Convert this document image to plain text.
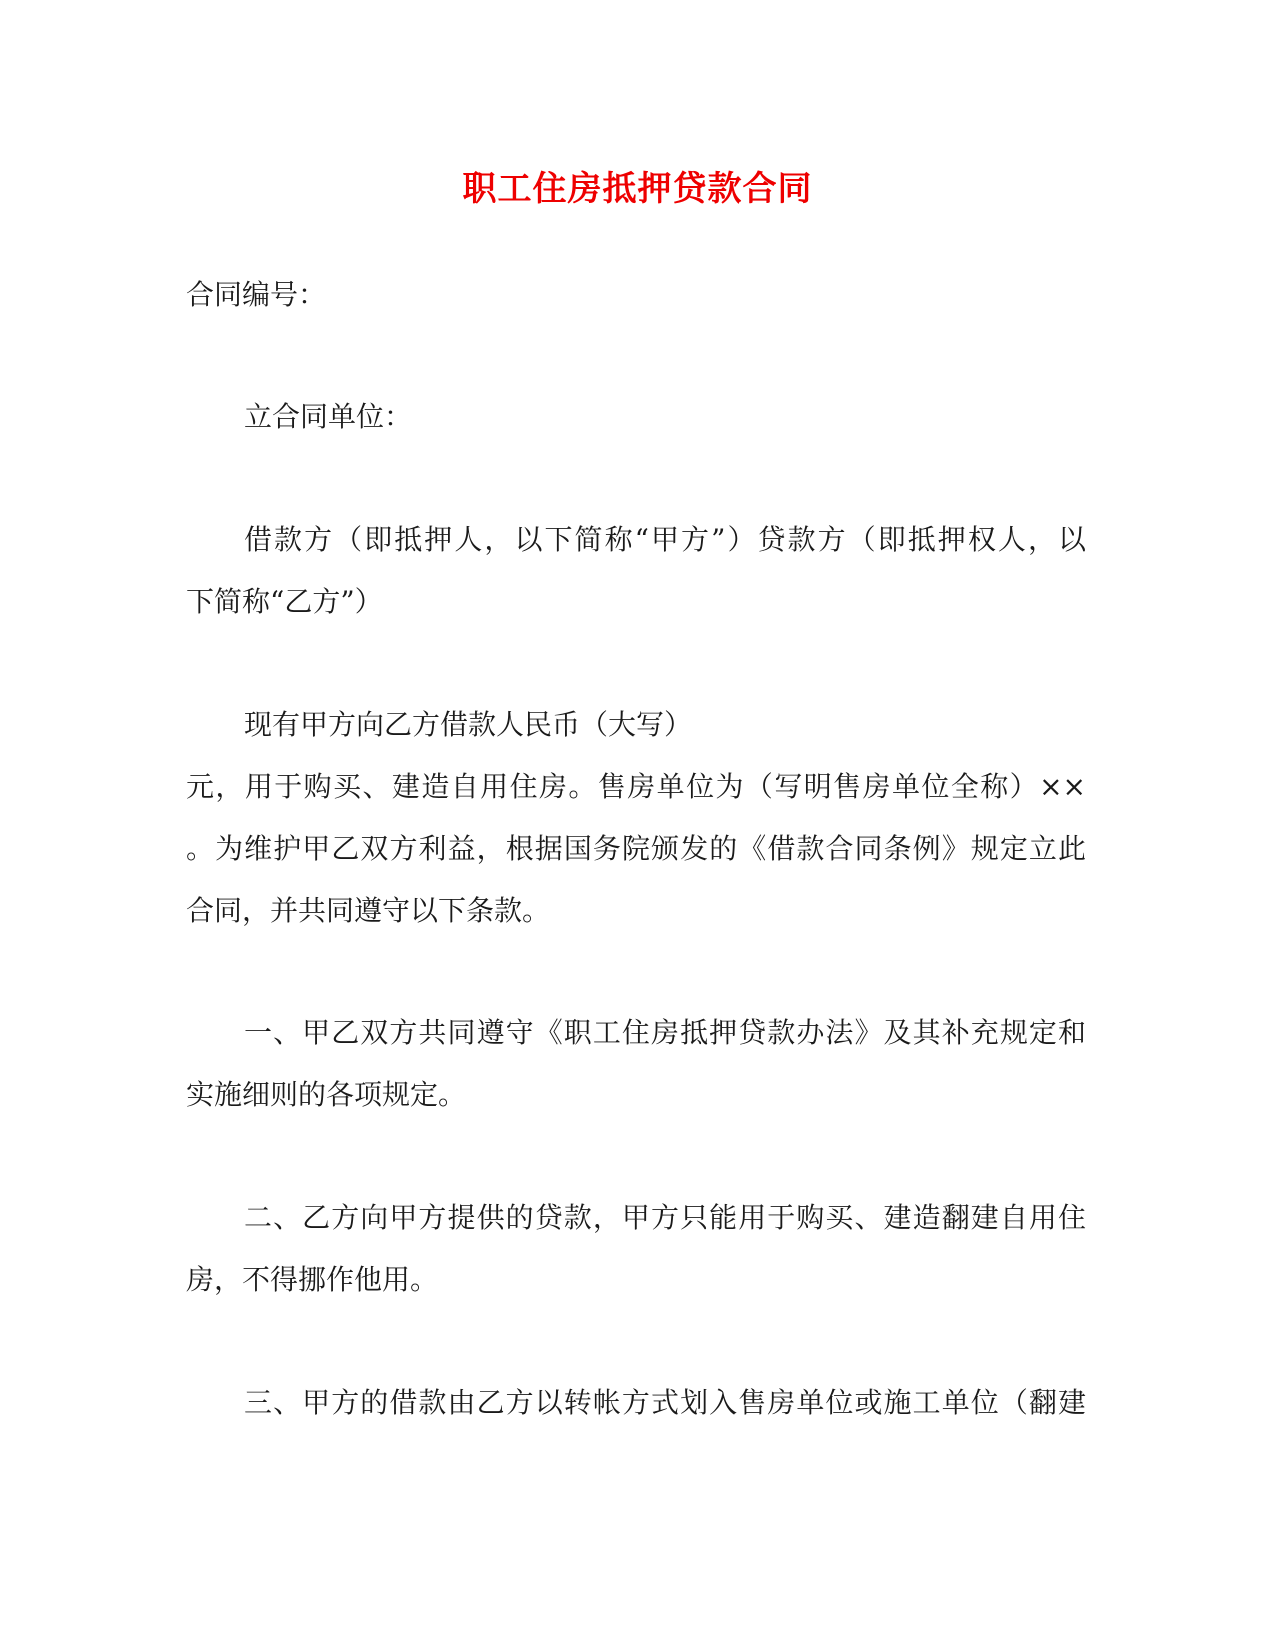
职工住房抵押贷款合同
合同编号：
立合同单位：
借款方（即抵押人，以下简称“甲方”）贷款方（即抵押权人，以
下简称“乙方”）
现有甲方向乙方借款人民币（大写）
元，用于购买、建造自用住房。售房单位为（写明售房单位全称）××
。为维护甲乙双方利益，根据国务院颁发的《借款合同条例》规定立此
合同，并共同遵守以下条款。
一、甲乙双方共同遵守《职工住房抵押贷款办法》及其补充规定和
实施细则的各项规定。
二、乙方向甲方提供的贷款，甲方只能用于购买、建造翻建自用住
房，不得挪作他用。
三、甲方的借款由乙方以转帐方式划入售房单位或施工单位（翻建
